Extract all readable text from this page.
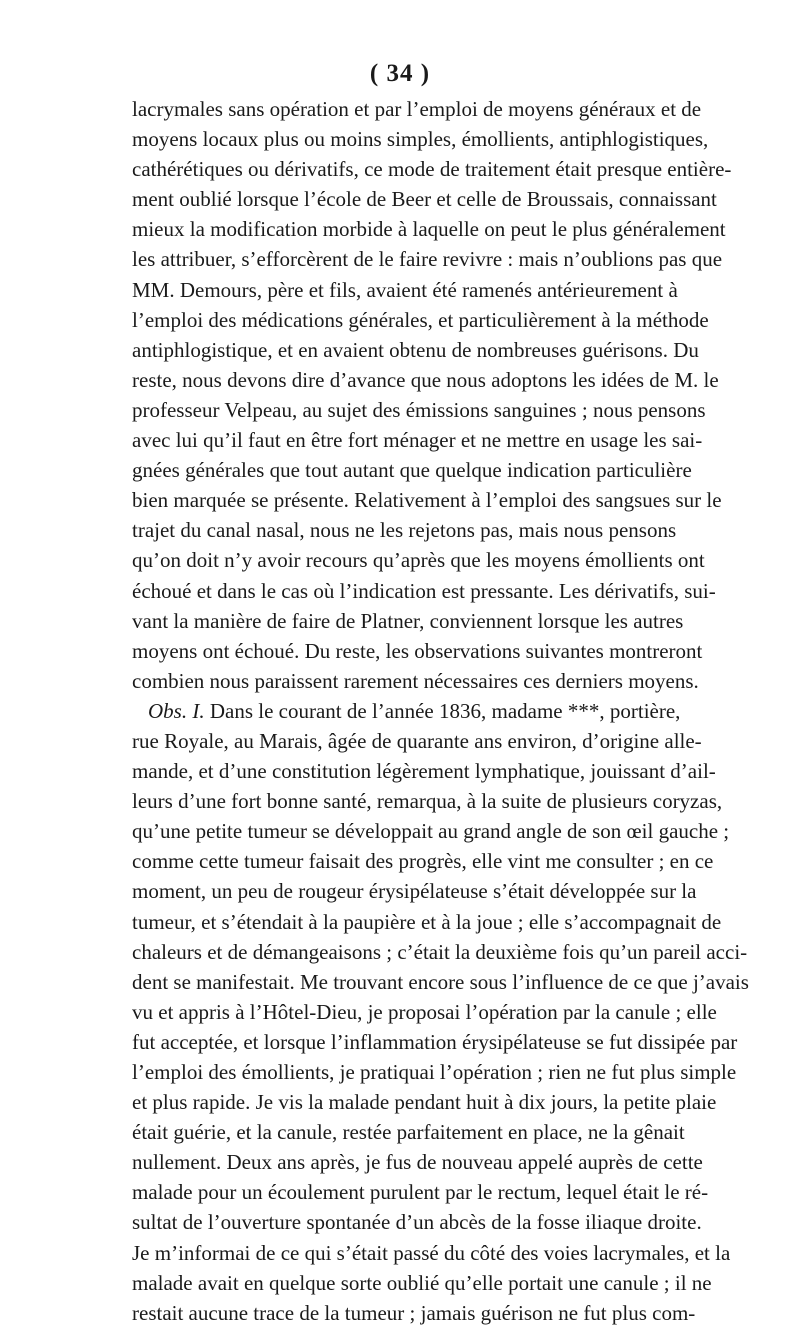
( 34 )
lacrymales sans opération et par l’emploi de moyens généraux et de
moyens locaux plus ou moins simples, émollients, antiphlogistiques,
cathérétiques ou dérivatifs, ce mode de traitement était presque entière-
ment oublié lorsque l’école de Beer et celle de Broussais, connaissant
mieux la modification morbide à laquelle on peut le plus généralement
les attribuer, s’efforcèrent de le faire revivre : mais n’oublions pas que
MM. Demours, père et fils, avaient été ramenés antérieurement à
l’emploi des médications générales, et particulièrement à la méthode
antiphlogistique, et en avaient obtenu de nombreuses guérisons. Du
reste, nous devons dire d’avance que nous adoptons les idées de M. le
professeur Velpeau, au sujet des émissions sanguines ; nous pensons
avec lui qu’il faut en être fort ménager et ne mettre en usage les sai-
gnées générales que tout autant que quelque indication particulière
bien marquée se présente. Relativement à l’emploi des sangsues sur le
trajet du canal nasal, nous ne les rejetons pas, mais nous pensons
qu’on doit n’y avoir recours qu’après que les moyens émollients ont
échoué et dans le cas où l’indication est pressante. Les dérivatifs, sui-
vant la manière de faire de Platner, conviennent lorsque les autres
moyens ont échoué. Du reste, les observations suivantes montreront
combien nous paraissent rarement nécessaires ces derniers moyens.
Obs. I. Dans le courant de l’année 1836, madame ***, portière,
rue Royale, au Marais, âgée de quarante ans environ, d’origine alle-
mande, et d’une constitution légèrement lymphatique, jouissant d’ail-
leurs d’une fort bonne santé, remarqua, à la suite de plusieurs coryzas,
qu’une petite tumeur se développait au grand angle de son œil gauche ;
comme cette tumeur faisait des progrès, elle vint me consulter ; en ce
moment, un peu de rougeur érysipélateuse s’était développée sur la
tumeur, et s’étendait à la paupière et à la joue ; elle s’accompagnait de
chaleurs et de démangeaisons ; c’était la deuxième fois qu’un pareil acci-
dent se manifestait. Me trouvant encore sous l’influence de ce que j’avais
vu et appris à l’Hôtel-Dieu, je proposai l’opération par la canule ; elle
fut acceptée, et lorsque l’inflammation érysipélateuse se fut dissipée par
l’emploi des émollients, je pratiquai l’opération ; rien ne fut plus simple
et plus rapide. Je vis la malade pendant huit à dix jours, la petite plaie
était guérie, et la canule, restée parfaitement en place, ne la gênait
nullement. Deux ans après, je fus de nouveau appelé auprès de cette
malade pour un écoulement purulent par le rectum, lequel était le ré-
sultat de l’ouverture spontanée d’un abcès de la fosse iliaque droite.
Je m’informai de ce qui s’était passé du côté des voies lacrymales, et la
malade avait en quelque sorte oublié qu’elle portait une canule ; il ne
restait aucune trace de la tumeur ; jamais guérison ne fut plus com-
